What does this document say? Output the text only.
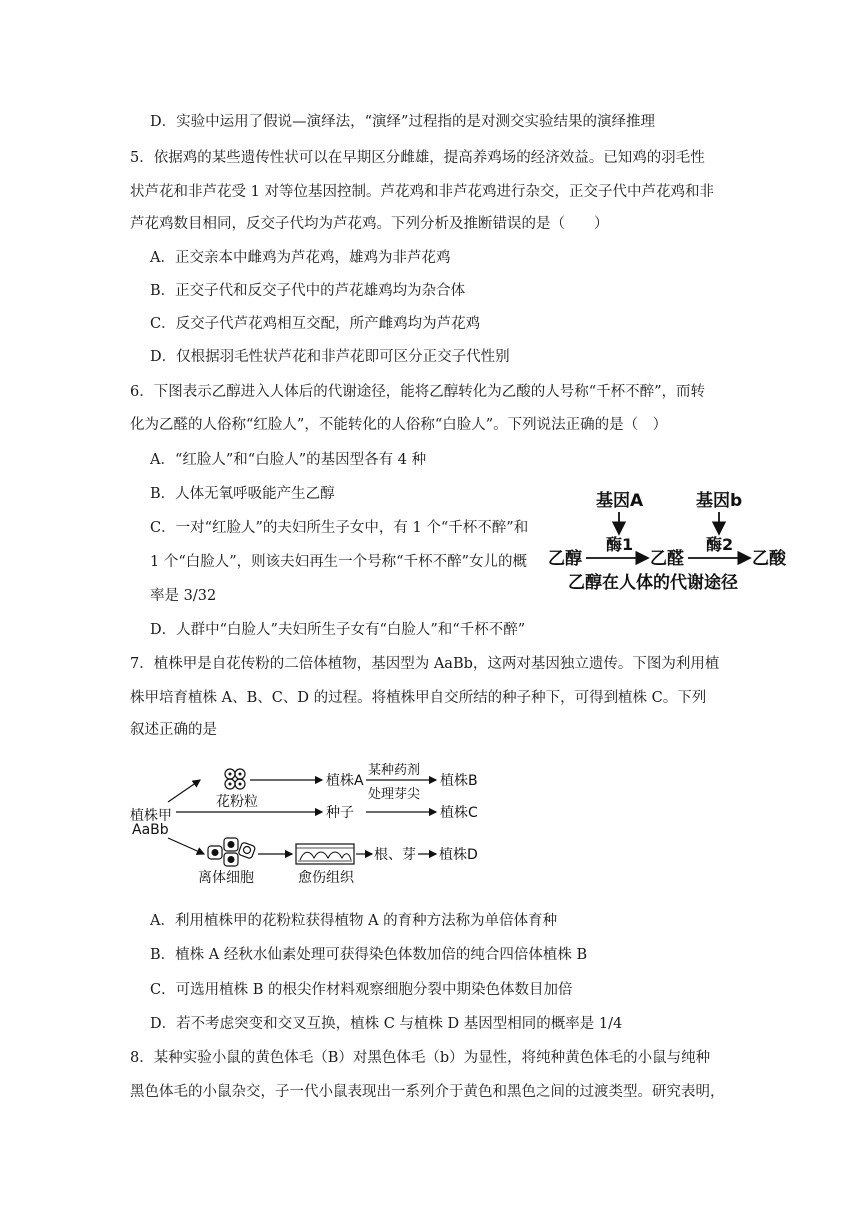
D．实验中运用了假说—演绎法，“演绎”过程指的是对测交实验结果的演绎推理
5．依据鸡的某些遗传性状可以在早期区分雌雄，提高养鸡场的经济效益。已知鸡的羽毛性
状芦花和非芦花受 1 对等位基因控制。芦花鸡和非芦花鸡进行杂交，正交子代中芦花鸡和非
芦花鸡数目相同，反交子代均为芦花鸡。下列分析及推断错误的是（　　）
A．正交亲本中雌鸡为芦花鸡，雄鸡为非芦花鸡
B．正交子代和反交子代中的芦花雄鸡均为杂合体
C．反交子代芦花鸡相互交配，所产雌鸡均为芦花鸡
D．仅根据羽毛性状芦花和非芦花即可区分正交子代性别
6．下图表示乙醇进入人体后的代谢途径，能将乙醇转化为乙酸的人号称“千杯不醉”，而转
化为乙醛的人俗称“红脸人”，不能转化的人俗称“白脸人”。下列说法正确的是（　）
A．“红脸人”和“白脸人”的基因型各有 4 种
B．人体无氧呼吸能产生乙醇
C．一对“红脸人”的夫妇所生子女中，有 1 个“千杯不醉”和
1 个“白脸人”，则该夫妇再生一个号称“千杯不醉”女儿的概
率是 3/32
D．人群中“白脸人”夫妇所生子女有“白脸人”和“千杯不醉”
7．植株甲是自花传粉的二倍体植物，基因型为 AaBb，这两对基因独立遗传。下图为利用植
株甲培育植株 A、B、C、D 的过程。将植株甲自交所结的种子种下，可得到植株 C。下列
叙述正确的是
A．利用植株甲的花粉粒获得植物 A 的育种方法称为单倍体育种
B．植株 A 经秋水仙素处理可获得染色体数加倍的纯合四倍体植株 B
C．可选用植株 B 的根尖作材料观察细胞分裂中期染色体数目加倍
D．若不考虑突变和交叉互换，植株 C 与植株 D 基因型相同的概率是 1/4
8．某种实验小鼠的黄色体毛（B）对黑色体毛（b）为显性，将纯种黄色体毛的小鼠与纯种
黑色体毛的小鼠杂交，子一代小鼠表现出一系列介于黄色和黑色之间的过渡类型。研究表明，
基因A	基因b
酶1	酶2
乙醇	乙醛	乙酸
乙醇在人体的代谢途径
植株甲
AaBb
花粉粒
植株A
某种药剂
处理芽尖
植株B
种子	植株C
离体细胞	愈伤组织
根、芽 植株D
